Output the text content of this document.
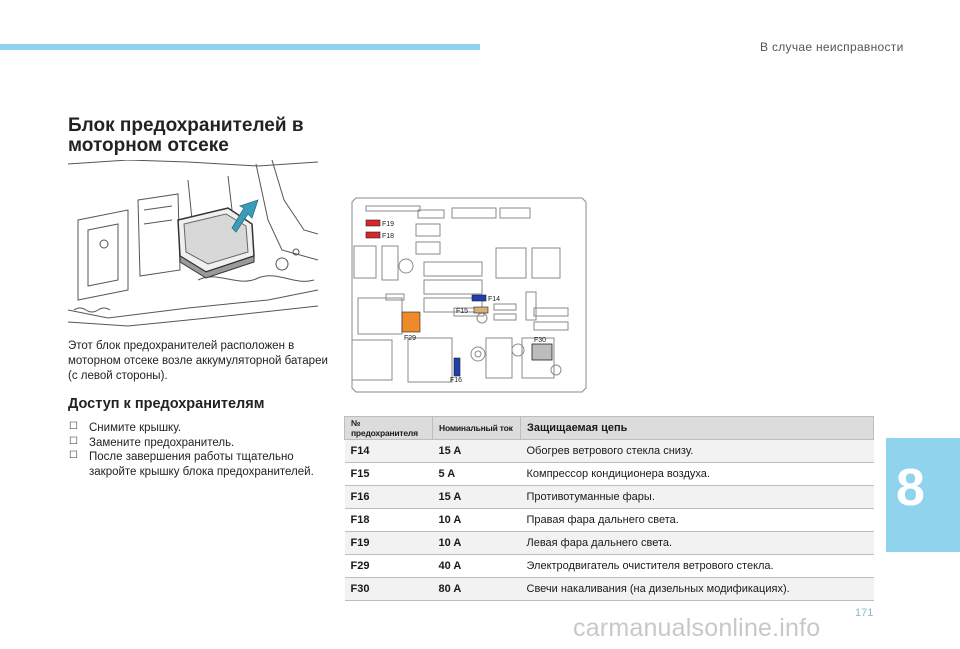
В случае неисправности
Блок предохранителей в моторном отсеке
Этот блок предохранителей расположен в моторном отсеке возле аккумуляторной батареи (с левой стороны).
Доступ к предохранителям
☐ Снимите крышку.
☐ Замените предохранитель.
☐ После завершения работы тщательно закройте крышку блока предохранителей.
F19
F18
F14
F15
F29	F30
F16
№ предохранителя	Номинальный ток	Защищаемая цепь
F14	15 A	Обогрев ветрового стекла снизу.
F15	5 A	Компрессор кондиционера воздуха.
F16	15 A	Противотуманные фары.
F18	10 A	Правая фара дальнего света.
F19	10 A	Левая фара дальнего света.
F29	40 A	Электродвигатель очистителя ветрового стекла.
F30	80 A	Свечи накаливания (на дизельных модификациях).
8
171
carmanualsonline.info
